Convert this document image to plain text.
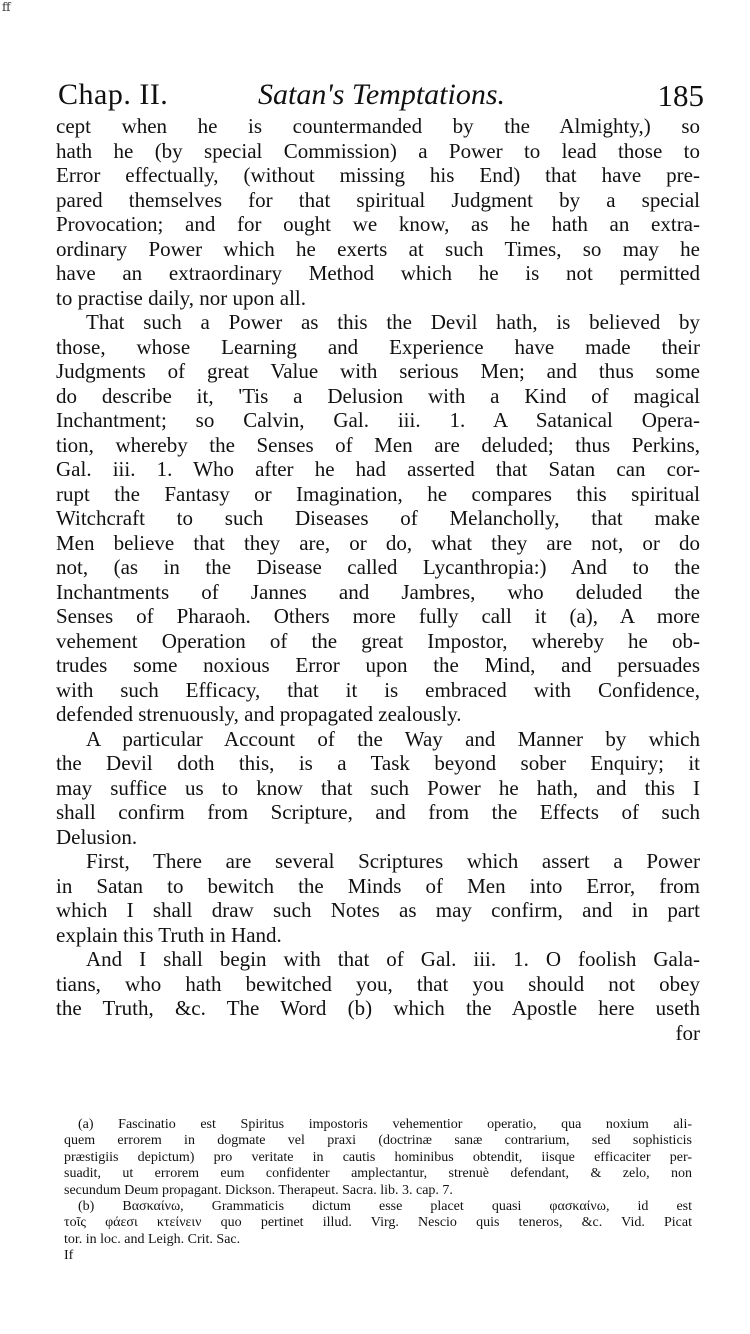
ff
Chap. II.	Satan's Temptations.	185
cept when he is countermanded by the Almighty,) so
hath he (by special Commission) a Power to lead those to
Error effectually, (without missing his End) that have pre-
pared themselves for that spiritual Judgment by a special
Provocation; and for ought we know, as he hath an extra-
ordinary Power which he exerts at such Times, so may he
have an extraordinary Method which he is not permitted
to practise daily, nor upon all.
That such a Power as this the Devil hath, is believed by
those, whose Learning and Experience have made their
Judgments of great Value with serious Men; and thus some
do describe it, 'Tis a Delusion with a Kind of magical
Inchantment; so Calvin, Gal. iii. 1. A Satanical Opera-
tion, whereby the Senses of Men are deluded; thus Perkins,
Gal. iii. 1. Who after he had asserted that Satan can cor-
rupt the Fantasy or Imagination, he compares this spiritual
Witchcraft to such Diseases of Melancholly, that make
Men believe that they are, or do, what they are not, or do
not, (as in the Disease called Lycanthropia:) And to the
Inchantments of Jannes and Jambres, who deluded the
Senses of Pharaoh. Others more fully call it (a), A more
vehement Operation of the great Impostor, whereby he ob-
trudes some noxious Error upon the Mind, and persuades
with such Efficacy, that it is embraced with Confidence,
defended strenuously, and propagated zealously.
A particular Account of the Way and Manner by which
the Devil doth this, is a Task beyond sober Enquiry; it
may suffice us to know that such Power he hath, and this I
shall confirm from Scripture, and from the Effects of such
Delusion.
First, There are several Scriptures which assert a Power
in Satan to bewitch the Minds of Men into Error, from
which I shall draw such Notes as may confirm, and in part
explain this Truth in Hand.
And I shall begin with that of Gal. iii. 1. O foolish Gala-
tians, who hath bewitched you, that you should not obey
the Truth, &c. The Word (b) which the Apostle here useth
for
(a) Fascinatio est Spiritus impostoris vehementior operatio, qua noxium ali-
quem errorem in dogmate vel praxi (doctrinæ sanæ contrarium, sed sophisticis
præstigiis depictum) pro veritate in cautis hominibus obtendit, iisque efficaciter per-
suadit, ut errorem eum confidenter amplectantur, strenuè defendant, & zelo, non
secundum Deum propagant. Dickson. Therapeut. Sacra. lib. 3. cap. 7.
(b) Βασκαίνω, Grammaticis dictum esse placet quasi φασκαίνω, id est
τοῖς φάεσι κτείνειν quo pertinet illud. Virg. Nescio quis teneros, &c. Vid. Picat
tor. in loc. and Leigh. Crit. Sac.
If
